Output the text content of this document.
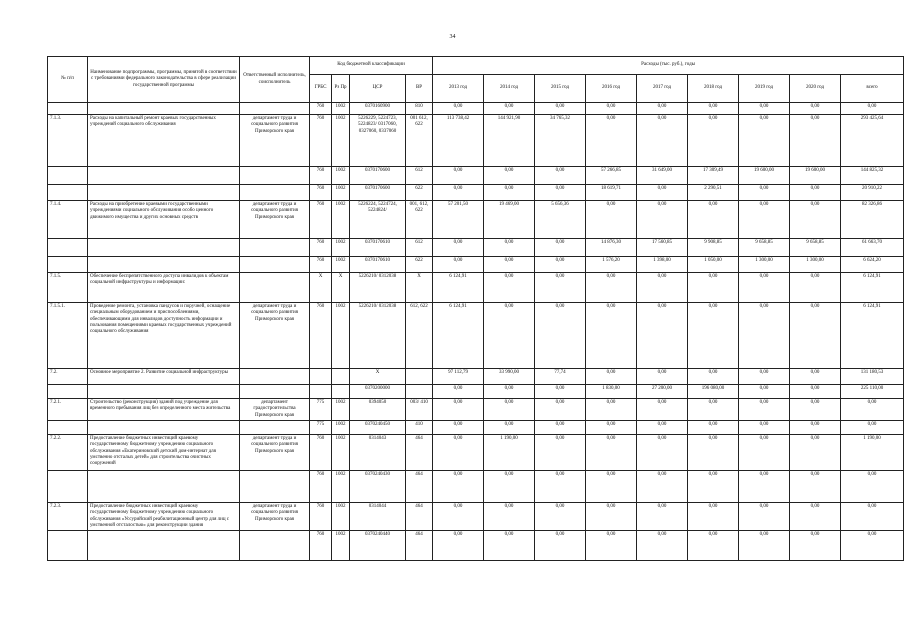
34
№ п/п	Наименование подпрограммы, программы, принятой в соответствии с требованиями федерального законодательства в сфере реализации государственной программы	Ответственный исполнитель, соисполнитель	Код бюджетной классификации				Расходы (тыс. руб.), годы								
			ГРБС	Рз Пр	ЦСР	ВР	2013 год	2014 год	2015 год	2016 год	2017 год	2018 год	2019 год	2020 год	всего
			760	1002	0370160900	810	0,00	0,00	0,00	0,00	0,00	0,00	0,00	0,00	0,00
7.1.3.	Расходы на капитальный ремонт краевых государственных учреждений социального обслуживания	департамент труда и социального развития Приморского края	760	1002	5226229, 5224723, 5224823/ 0317060, 0327060, 0337060	001 612, 622	113 738,42	144 921,90	34 765,32	0,00	0,00	0,00	0,00	0,00	293 425,64
			760	1002	0370170600	612	0,00	0,00	0,00	57 266,85	31 649,00	17 309,49	19 600,00	19 600,00	144 825,32
			760	1002	0370170600	622	0,00	0,00	0,00	18 619,71	0,00	2 290,51	0,00	0,00	20 910,22
7.1.4.	Расходы на приобретение краевыми государственными учреждениями социального обслуживания особо ценного движимого имущества и других основных средств	департамент труда и социального развития Приморского края	760	1002	5226224, 5224724, 5224824/	001, 612, 622	57 201,50	19 469,00	5 656,36	0,00	0,00	0,00	0,00	0,00	82 326,86
			760	1002	0370170610	612	0,00	0,00	0,00	14 876,30	17 560,85	9 908,85	9 658,85	9 658,85	61 663,70
			760	1002	0370170610	622	0,00	0,00	0,00	1 576,20	1 398,00	1 050,00	1 300,00	1 300,00	6 624,20
7.1.5.	Обеспечение беспрепятственного доступа инвалидов к объектам социальной инфраструктуры и информации:		X	X	5226210/ 0312038	X	6 124,91	0,00	0,00	0,00	0,00	0,00	0,00	0,00	6 124,91
7.1.5.1.	Проведение ремонта, установка пандусов и поручней, оснащение специальным оборудованием и приспособлениями, обеспечивающими для инвалидов доступность информации и пользования помещениями краевых государственных учреждений социального обслуживания	департамент труда и социального развития Приморского края	760	1002	5226210/ 0312038	612, 622	6 124,91	0,00	0,00	0,00	0,00	0,00	0,00	0,00	6 124,91
7.2.	Основное мероприятие 2. Развитие социальной инфраструктуры				X		97 112,79	33 990,00	77,74	0,00	0,00	0,00	0,00	0,00	131 180,53
					0370200000		0,00	0,00	0,00	1 830,00	27 200,00	196 080,00	0,00	0,00	225 110,00
7.2.1.	Строительство (реконструкция) зданий под учреждение для временного пребывания лиц без определенного места жительства	департамент градостроительства Приморского края	775	1002	0394050	003/ 410	0,00	0,00	0,00	0,00	0,00	0,00	0,00	0,00	0,00
			775	1002	0370240450	410	0,00	0,00	0,00	0,00	0,00	0,00	0,00	0,00	0,00
7.2.2.	Предоставление бюджетных инвестиций краевому государственному бюджетному учреждению социального обслуживания «Екатериновский детский дом-интернат для умственно отсталых детей» для строительства очистных сооружений	департамент труда и социального развития Приморского края	760	1002	0314043	464	0,00	1 190,00	0,00	0,00	0,00	0,00	0,00	0,00	1 190,00
			760	1002	0370240430	464	0,00	0,00	0,00	0,00	0,00	0,00	0,00	0,00	0,00
7.2.3.	Предоставление бюджетных инвестиций краевому государственному бюджетному учреждению социального обслуживания «Уссурийский реабилитационный центр для лиц с умственной отсталостью» для реконструкции здания	департамент труда и социального развития Приморского края	760	1002	0314044	464	0,00	0,00	0,00	0,00	0,00	0,00	0,00	0,00	0,00
			760	1002	0370240440	464	0,00	0,00	0,00	0,00	0,00	0,00	0,00	0,00	0,00
